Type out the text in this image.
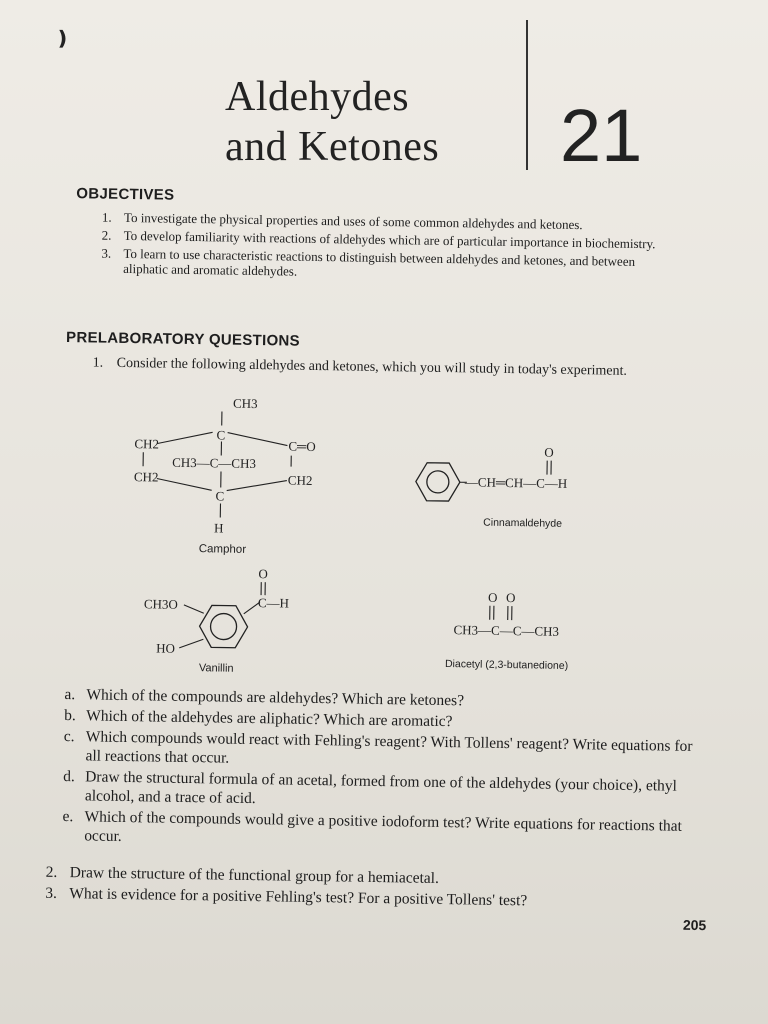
❫
Aldehydes
and Ketones 21
OBJECTIVES
1. To investigate the physical properties and uses of some common aldehydes and ketones.
2. To develop familiarity with reactions of aldehydes which are of particular importance in biochemistry.
3. To learn to use characteristic reactions to distinguish between aldehydes and ketones, and between aliphatic and aromatic aldehydes.
PRELABORATORY QUESTIONS
1. Consider the following aldehydes and ketones, which you will study in today's experiment.
CH3
C
CH2	C═O
CH3—C—CH3
CH2	CH2
C
H
Camphor
—CH═CH—C—H
O
Cinnamaldehyde
CH3O
HO
C—H
O
Vanillin
CH3—C—C—CH3
O O
Diacetyl (2,3-butanedione)
a. Which of the compounds are aldehydes? Which are ketones?
b. Which of the aldehydes are aliphatic? Which are aromatic?
c. Which compounds would react with Fehling's reagent? With Tollens' reagent? Write equations for all reactions that occur.
d. Draw the structural formula of an acetal, formed from one of the aldehydes (your choice), ethyl alcohol, and a trace of acid.
e. Which of the compounds would give a positive iodoform test? Write equations for reactions that occur.
2. Draw the structure of the functional group for a hemiacetal.
3. What is evidence for a positive Fehling's test? For a positive Tollens' test?
205
